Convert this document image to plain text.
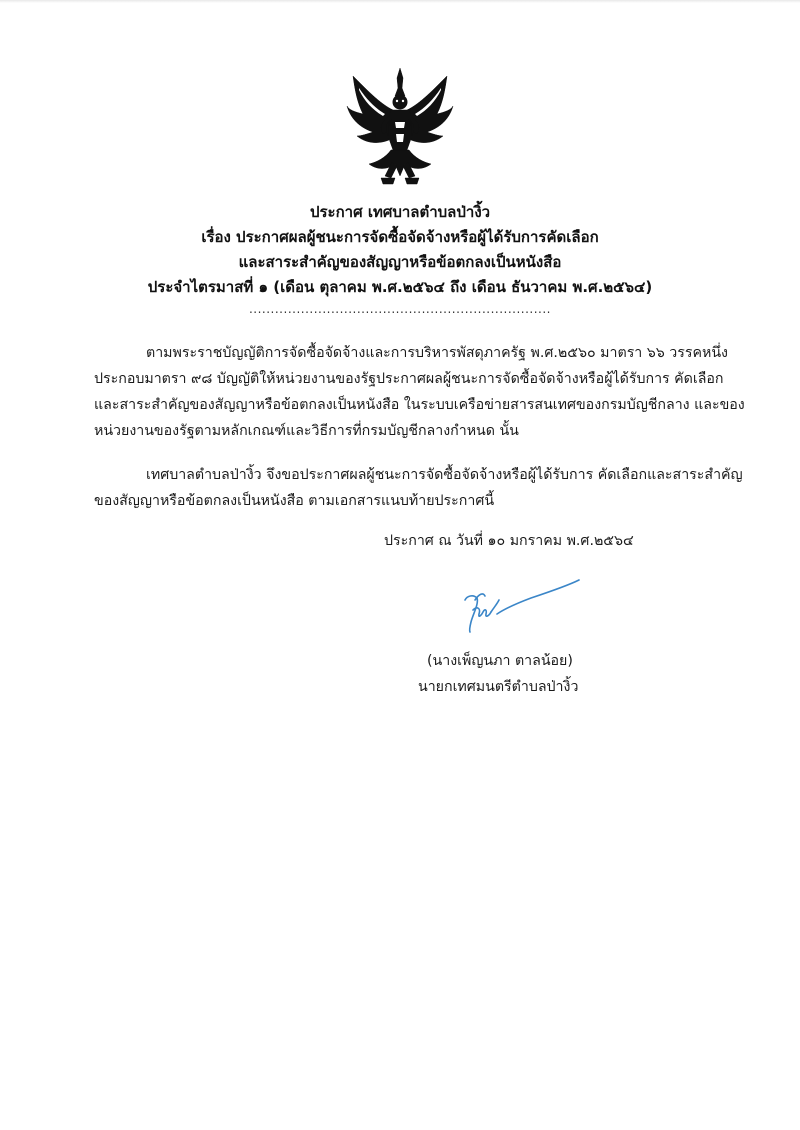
ประกาศ เทศบาลตำบลป่างิ้ว
เรื่อง ประกาศผลผู้ชนะการจัดซื้อจัดจ้างหรือผู้ได้รับการคัดเลือก
และสาระสำคัญของสัญญาหรือข้อตกลงเป็นหนังสือ
ประจำไตรมาสที่ ๑ (เดือน ตุลาคม พ.ศ.๒๕๖๔ ถึง เดือน ธันวาคม พ.ศ.๒๕๖๔)
......................................................................
ตามพระราชบัญญัติการจัดซื้อจัดจ้างและการบริหารพัสดุภาครัฐ พ.ศ.๒๕๖๐ มาตรา ๖๖ วรรคหนึ่ง
ประกอบมาตรา ๙๘ บัญญัติให้หน่วยงานของรัฐประกาศผลผู้ชนะการจัดซื้อจัดจ้างหรือผู้ได้รับการ คัดเลือก
และสาระสำคัญของสัญญาหรือข้อตกลงเป็นหนังสือ ในระบบเครือข่ายสารสนเทศของกรมบัญชีกลาง และของ
หน่วยงานของรัฐตามหลักเกณฑ์และวิธีการที่กรมบัญชีกลางกำหนด นั้น
เทศบาลตำบลป่างิ้ว จึงขอประกาศผลผู้ชนะการจัดซื้อจัดจ้างหรือผู้ได้รับการ คัดเลือกและสาระสำคัญ
ของสัญญาหรือข้อตกลงเป็นหนังสือ ตามเอกสารแนบท้ายประกาศนี้
ประกาศ ณ วันที่ ๑๐ มกราคม พ.ศ.๒๕๖๔
(นางเพ็ญนภา ตาลน้อย)
นายกเทศมนตรีตำบลป่างิ้ว
